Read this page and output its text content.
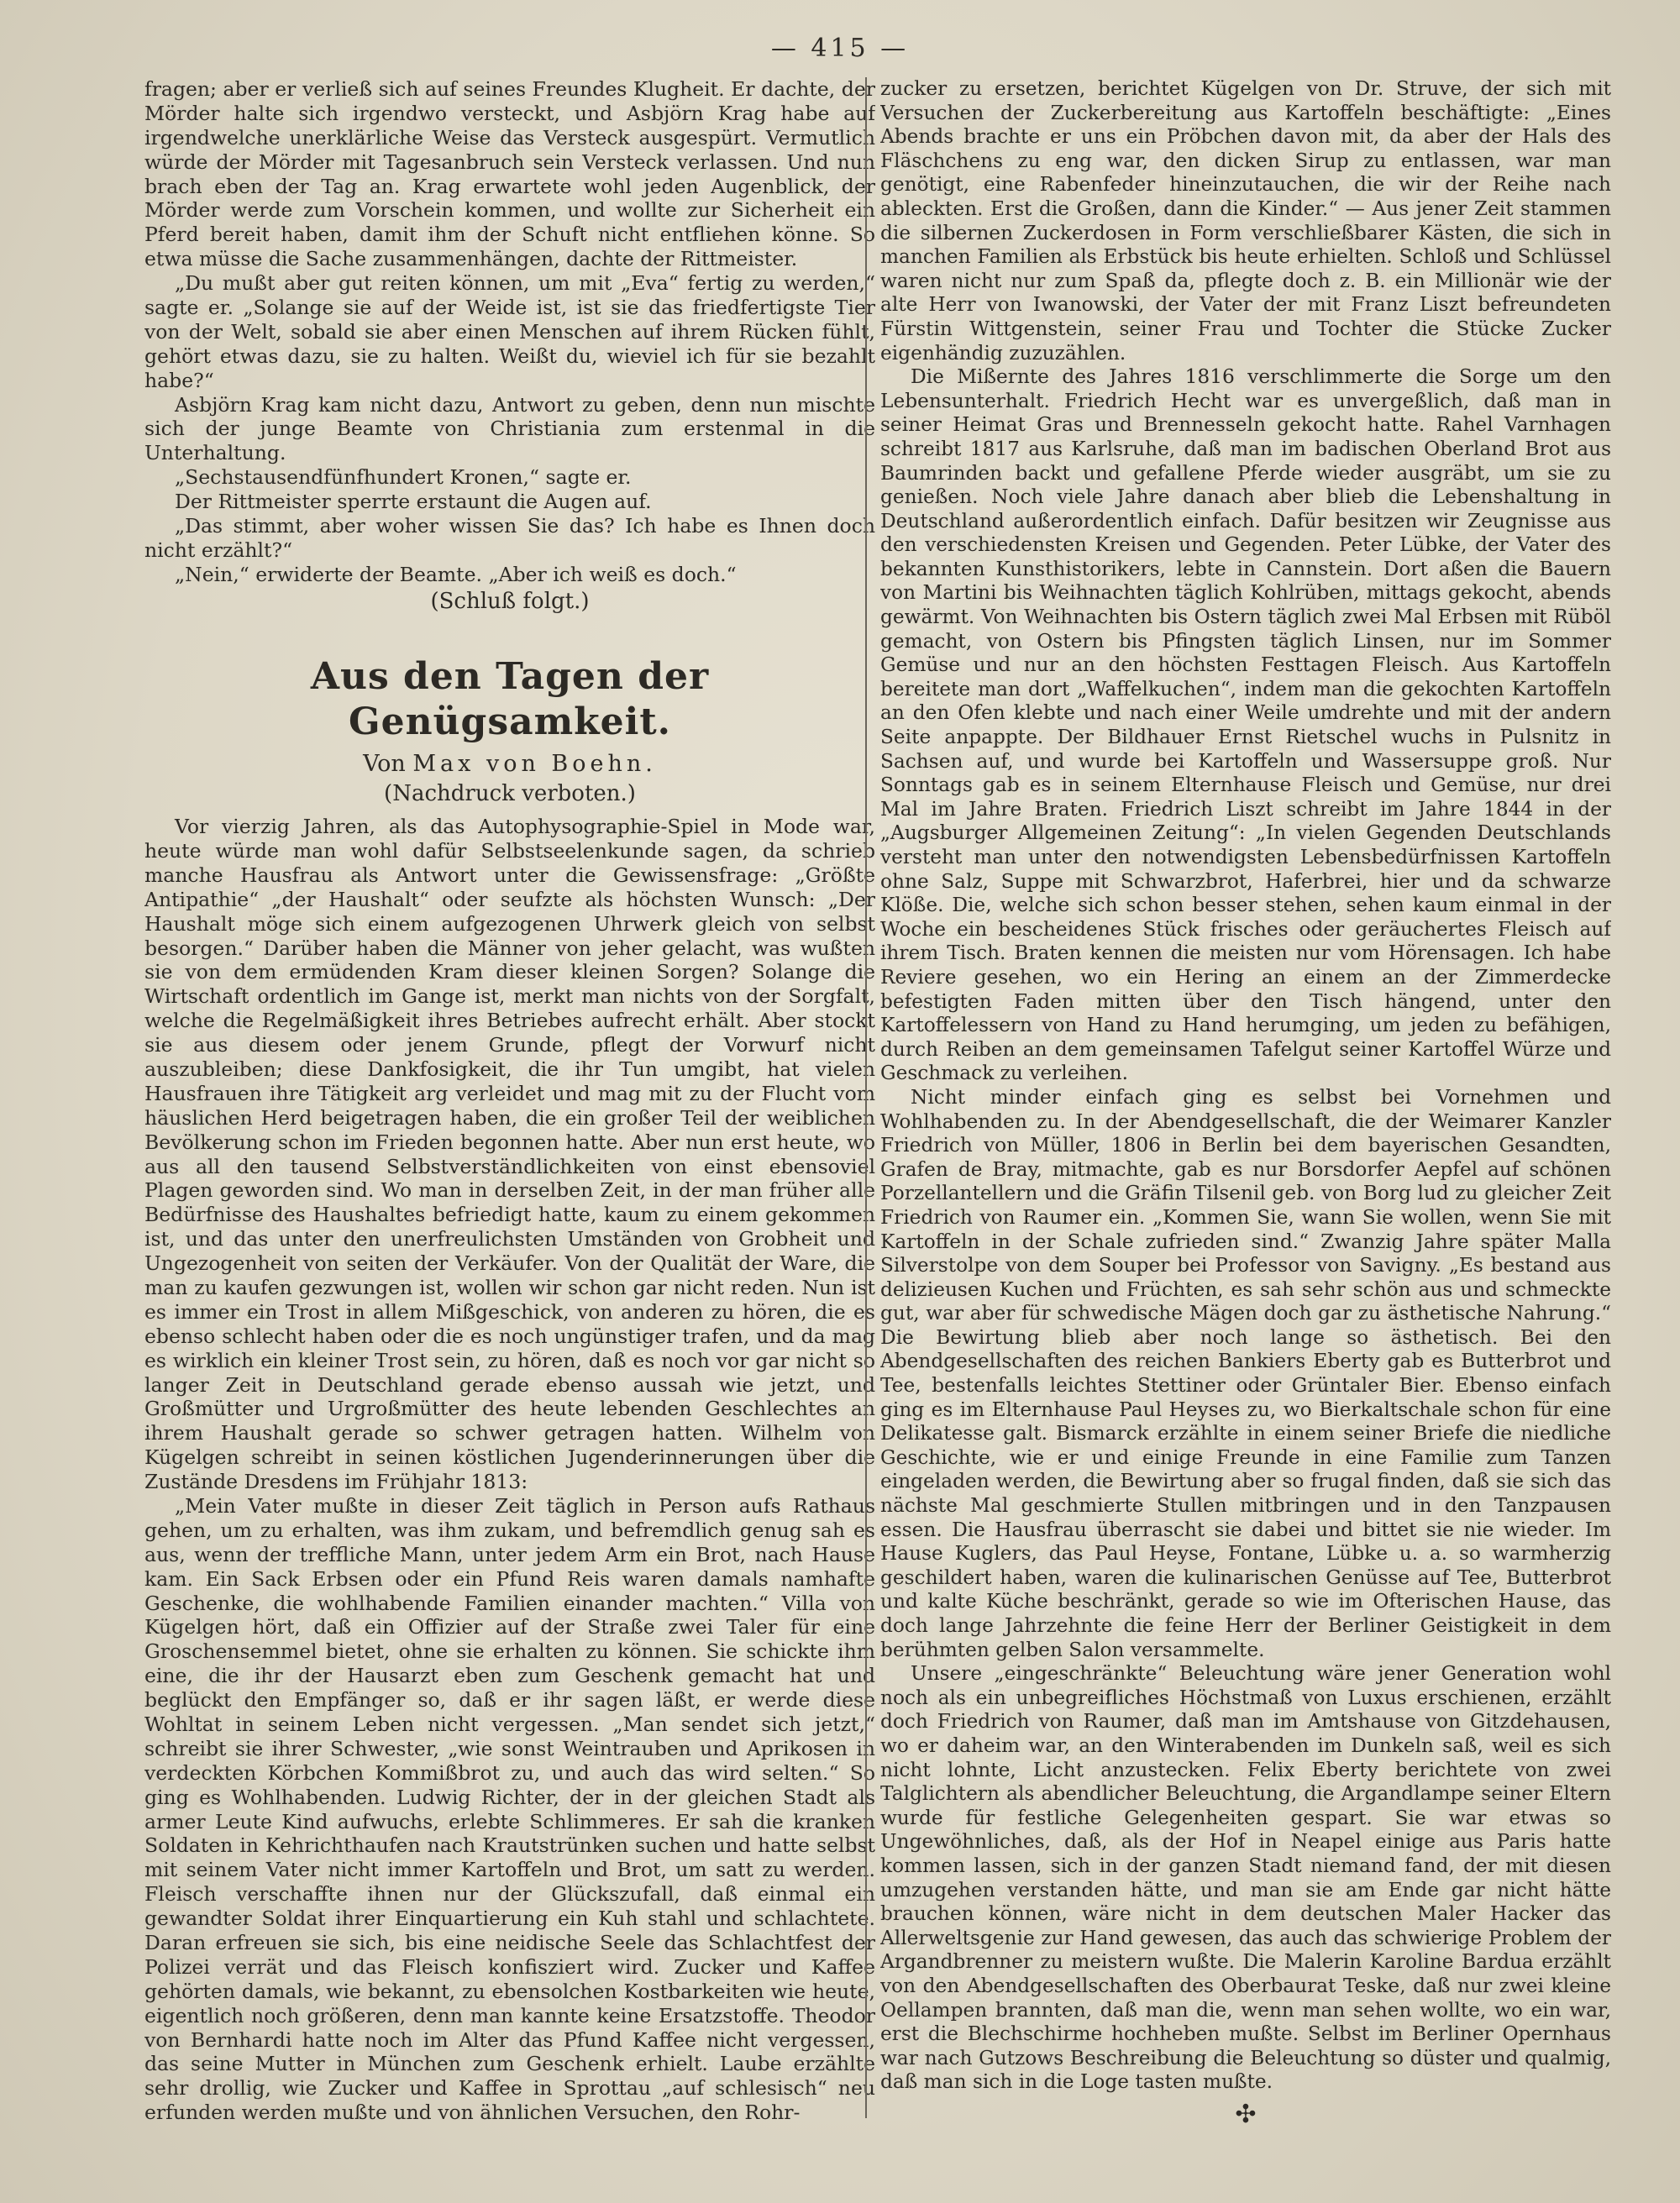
— 415 —

fragen; aber er verließ sich auf seines Freundes Klugheit. Er dachte, der Mörder halte sich irgendwo versteckt, und Asbjörn Krag habe auf irgendwelche unerklärliche Weise das Versteck ausgespürt. Vermutlich würde der Mörder mit Tagesanbruch sein Versteck verlassen. Und nun brach eben der Tag an. Krag erwartete wohl jeden Augenblick, der Mörder werde zum Vorschein kommen, und wollte zur Sicherheit ein Pferd bereit haben, damit ihm der Schuft nicht entfliehen könne. So etwa müsse die Sache zusammenhängen, dachte der Rittmeister.

„Du mußt aber gut reiten können, um mit „Eva“ fertig zu werden,“ sagte er. „Solange sie auf der Weide ist, ist sie das friedfertigste Tier von der Welt, sobald sie aber einen Menschen auf ihrem Rücken fühlt, gehört etwas dazu, sie zu halten. Weißt du, wieviel ich für sie bezahlt habe?“

Asbjörn Krag kam nicht dazu, Antwort zu geben, denn nun mischte sich der junge Beamte von Christiania zum erstenmal in die Unterhaltung.

„Sechstausendfünfhundert Kronen,“ sagte er.

Der Rittmeister sperrte erstaunt die Augen auf.

„Das stimmt, aber woher wissen Sie das? Ich habe es Ihnen doch nicht erzählt?“

„Nein,“ erwiderte der Beamte. „Aber ich weiß es doch.“

(Schluß folgt.)
Aus den Tagen der Genügsamkeit.
Von Max von Boehn.
(Nachdruck verboten.)

Vor vierzig Jahren, als das Autophysographie-Spiel in Mode war, heute würde man wohl dafür Selbstseelenkunde sagen, da schrieb manche Hausfrau als Antwort unter die Gewissensfrage: „Größte Antipathie“ „der Haushalt“ oder seufzte als höchsten Wunsch: „Der Haushalt möge sich einem aufgezogenen Uhrwerk gleich von selbst besorgen.“ Darüber haben die Männer von jeher gelacht, was wußten sie von dem ermüdenden Kram dieser kleinen Sorgen? Solange die Wirtschaft ordentlich im Gange ist, merkt man nichts von der Sorgfalt, welche die Regelmäßigkeit ihres Betriebes aufrecht erhält. Aber stockt sie aus diesem oder jenem Grunde, pflegt der Vorwurf nicht auszubleiben; diese Dankfosigkeit, die ihr Tun umgibt, hat vielen Hausfrauen ihre Tätigkeit arg verleidet und mag mit zu der Flucht vom häuslichen Herd beigetragen haben, die ein großer Teil der weiblichen Bevölkerung schon im Frieden begonnen hatte. Aber nun erst heute, wo aus all den tausend Selbstverständlichkeiten von einst ebensoviel Plagen geworden sind. Wo man in derselben Zeit, in der man früher alle Bedürfnisse des Haushaltes befriedigt hatte, kaum zu einem gekommen ist, und das unter den unerfreulichsten Umständen von Grobheit und Ungezogenheit von seiten der Verkäufer. Von der Qualität der Ware, die man zu kaufen gezwungen ist, wollen wir schon gar nicht reden. Nun ist es immer ein Trost in allem Mißgeschick, von anderen zu hören, die es ebenso schlecht haben oder die es noch ungünstiger trafen, und da mag es wirklich ein kleiner Trost sein, zu hören, daß es noch vor gar nicht so langer Zeit in Deutschland gerade ebenso aussah wie jetzt, und Großmütter und Urgroßmütter des heute lebenden Geschlechtes an ihrem Haushalt gerade so schwer getragen hatten. Wilhelm von Kügelgen schreibt in seinen köstlichen Jugenderinnerungen über die Zustände Dresdens im Frühjahr 1813:

„Mein Vater mußte in dieser Zeit täglich in Person aufs Rathaus gehen, um zu erhalten, was ihm zukam, und befremdlich genug sah es aus, wenn der treffliche Mann, unter jedem Arm ein Brot, nach Hause kam. Ein Sack Erbsen oder ein Pfund Reis waren damals namhafte Geschenke, die wohlhabende Familien einander machten.“ Villa von Kügelgen hört, daß ein Offizier auf der Straße zwei Taler für eine Groschensemmel bietet, ohne sie erhalten zu können. Sie schickte ihm eine, die ihr der Hausarzt eben zum Geschenk gemacht hat und beglückt den Empfänger so, daß er ihr sagen läßt, er werde diese Wohltat in seinem Leben nicht vergessen. „Man sendet sich jetzt,“ schreibt sie ihrer Schwester, „wie sonst Weintrauben und Aprikosen in verdeckten Körbchen Kommißbrot zu, und auch das wird selten.“ So ging es Wohlhabenden. Ludwig Richter, der in der gleichen Stadt als armer Leute Kind aufwuchs, erlebte Schlimmeres. Er sah die kranken Soldaten in Kehrichthaufen nach Krautstrünken suchen und hatte selbst mit seinem Vater nicht immer Kartoffeln und Brot, um satt zu werden. Fleisch verschaffte ihnen nur der Glückszufall, daß einmal ein gewandter Soldat ihrer Einquartierung ein Kuh stahl und schlachtete. Daran erfreuen sie sich, bis eine neidische Seele das Schlachtfest der Polizei verrät und das Fleisch konfisziert wird. Zucker und Kaffee gehörten damals, wie bekannt, zu ebensolchen Kostbarkeiten wie heute, eigentlich noch größeren, denn man kannte keine Ersatzstoffe. Theodor von Bernhardi hatte noch im Alter das Pfund Kaffee nicht vergessen, das seine Mutter in München zum Geschenk erhielt. Laube erzählte sehr drollig, wie Zucker und Kaffee in Sprottau „auf schlesisch“ neu erfunden werden mußte und von ähnlichen Versuchen, den Rohr-

zucker zu ersetzen, berichtet Kügelgen von Dr. Struve, der sich mit Versuchen der Zuckerbereitung aus Kartoffeln beschäftigte: „Eines Abends brachte er uns ein Pröbchen davon mit, da aber der Hals des Fläschchens zu eng war, den dicken Sirup zu entlassen, war man genötigt, eine Rabenfeder hineinzutauchen, die wir der Reihe nach ableckten. Erst die Großen, dann die Kinder.“ — Aus jener Zeit stammen die silbernen Zuckerdosen in Form verschließbarer Kästen, die sich in manchen Familien als Erbstück bis heute erhielten. Schloß und Schlüssel waren nicht nur zum Spaß da, pflegte doch z. B. ein Millionär wie der alte Herr von Iwanowski, der Vater der mit Franz Liszt befreundeten Fürstin Wittgenstein, seiner Frau und Tochter die Stücke Zucker eigenhändig zuzuzählen.

Die Mißernte des Jahres 1816 verschlimmerte die Sorge um den Lebensunterhalt. Friedrich Hecht war es unvergeßlich, daß man in seiner Heimat Gras und Brennesseln gekocht hatte. Rahel Varnhagen schreibt 1817 aus Karlsruhe, daß man im badischen Oberland Brot aus Baumrinden backt und gefallene Pferde wieder ausgräbt, um sie zu genießen. Noch viele Jahre danach aber blieb die Lebenshaltung in Deutschland außerordentlich einfach. Dafür besitzen wir Zeugnisse aus den verschiedensten Kreisen und Gegenden. Peter Lübke, der Vater des bekannten Kunsthistorikers, lebte in Cannstein. Dort aßen die Bauern von Martini bis Weihnachten täglich Kohlrüben, mittags gekocht, abends gewärmt. Von Weihnachten bis Ostern täglich zwei Mal Erbsen mit Rüböl gemacht, von Ostern bis Pfingsten täglich Linsen, nur im Sommer Gemüse und nur an den höchsten Festtagen Fleisch. Aus Kartoffeln bereitete man dort „Waffelkuchen“, indem man die gekochten Kartoffeln an den Ofen klebte und nach einer Weile umdrehte und mit der andern Seite anpappte. Der Bildhauer Ernst Rietschel wuchs in Pulsnitz in Sachsen auf, und wurde bei Kartoffeln und Wassersuppe groß. Nur Sonntags gab es in seinem Elternhause Fleisch und Gemüse, nur drei Mal im Jahre Braten. Friedrich Liszt schreibt im Jahre 1844 in der „Augsburger Allgemeinen Zeitung“: „In vielen Gegenden Deutschlands versteht man unter den notwendigsten Lebensbedürfnissen Kartoffeln ohne Salz, Suppe mit Schwarzbrot, Haferbrei, hier und da schwarze Klöße. Die, welche sich schon besser stehen, sehen kaum einmal in der Woche ein bescheidenes Stück frisches oder geräuchertes Fleisch auf ihrem Tisch. Braten kennen die meisten nur vom Hörensagen. Ich habe Reviere gesehen, wo ein Hering an einem an der Zimmerdecke befestigten Faden mitten über den Tisch hängend, unter den Kartoffelessern von Hand zu Hand herumging, um jeden zu befähigen, durch Reiben an dem gemeinsamen Tafelgut seiner Kartoffel Würze und Geschmack zu verleihen.

Nicht minder einfach ging es selbst bei Vornehmen und Wohlhabenden zu. In der Abendgesellschaft, die der Weimarer Kanzler Friedrich von Müller, 1806 in Berlin bei dem bayerischen Gesandten, Grafen de Bray, mitmachte, gab es nur Borsdorfer Aepfel auf schönen Porzellantellern und die Gräfin Tilsenil geb. von Borg lud zu gleicher Zeit Friedrich von Raumer ein. „Kommen Sie, wann Sie wollen, wenn Sie mit Kartoffeln in der Schale zufrieden sind.“ Zwanzig Jahre später Malla Silverstolpe von dem Souper bei Professor von Savigny. „Es bestand aus delizieusen Kuchen und Früchten, es sah sehr schön aus und schmeckte gut, war aber für schwedische Mägen doch gar zu ästhetische Nahrung.“ Die Bewirtung blieb aber noch lange so ästhetisch. Bei den Abendgesellschaften des reichen Bankiers Eberty gab es Butterbrot und Tee, bestenfalls leichtes Stettiner oder Grüntaler Bier. Ebenso einfach ging es im Elternhause Paul Heyses zu, wo Bierkaltschale schon für eine Delikatesse galt. Bismarck erzählte in einem seiner Briefe die niedliche Geschichte, wie er und einige Freunde in eine Familie zum Tanzen eingeladen werden, die Bewirtung aber so frugal finden, daß sie sich das nächste Mal geschmierte Stullen mitbringen und in den Tanzpausen essen. Die Hausfrau überrascht sie dabei und bittet sie nie wieder. Im Hause Kuglers, das Paul Heyse, Fontane, Lübke u. a. so warmherzig geschildert haben, waren die kulinarischen Genüsse auf Tee, Butterbrot und kalte Küche beschränkt, gerade so wie im Ofterischen Hause, das doch lange Jahrzehnte die feine Herr der Berliner Geistigkeit in dem berühmten gelben Salon versammelte.

Unsere „eingeschränkte“ Beleuchtung wäre jener Generation wohl noch als ein unbegreifliches Höchstmaß von Luxus erschienen, erzählt doch Friedrich von Raumer, daß man im Amtshause von Gitzdehausen, wo er daheim war, an den Winterabenden im Dunkeln saß, weil es sich nicht lohnte, Licht anzustecken. Felix Eberty berichtete von zwei Talglichtern als abendlicher Beleuchtung, die Argandlampe seiner Eltern wurde für festliche Gelegenheiten gespart. Sie war etwas so Ungewöhnliches, daß, als der Hof in Neapel einige aus Paris hatte kommen lassen, sich in der ganzen Stadt niemand fand, der mit diesen umzugehen verstanden hätte, und man sie am Ende gar nicht hätte brauchen können, wäre nicht in dem deutschen Maler Hacker das Allerweltsgenie zur Hand gewesen, das auch das schwierige Problem der Argandbrenner zu meistern wußte. Die Malerin Karoline Bardua erzählt von den Abendgesellschaften des Oberbaurat Teske, daß nur zwei kleine Oellampen brannten, daß man die, wenn man sehen wollte, wo ein war, erst die Blechschirme hochheben mußte. Selbst im Berliner Opernhaus war nach Gutzows Beschreibung die Beleuchtung so düster und qualmig, daß man sich in die Loge tasten mußte.

✣
